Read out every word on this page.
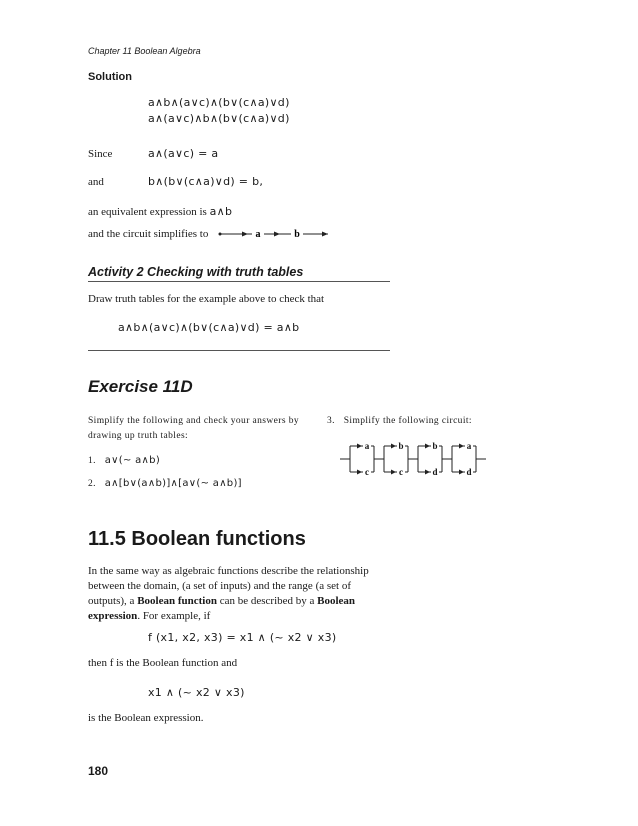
Chapter 11 Boolean Algebra
Solution
a∧b∧(a∨c)∧(b∨(c∧a)∨d)
a∧(a∨c)∧b∧(b∨(c∧a)∨d)
Since	a∧(a∨c) = a
and	b∧(b∨(c∧a)∨d) = b,
an equivalent expression is a∧b
and the circuit simplifies to	a	b
Activity 2 Checking with truth tables
Draw truth tables for the example above to check that
a∧b∧(a∨c)∧(b∨(c∧a)∨d) = a∧b
Exercise 11D
Simplify the following and check your answers by
drawing up truth tables:
1. a∨(~ a∧b)
2. a∧[b∨(a∧b)]∧[a∨(~ a∧b)]
3. Simplify the following circuit:
a	b	b	a
c	c	d	d
11.5 Boolean functions
In the same way as algebraic functions describe the relationship
between the domain, (a set of inputs) and the range (a set of
outputs), a Boolean function can be described by a Boolean
expression. For example, if
f (x1, x2, x3) = x1 ∧ (~ x2 ∨ x3)
then f is the Boolean function and
x1 ∧ (~ x2 ∨ x3)
is the Boolean expression.
180
